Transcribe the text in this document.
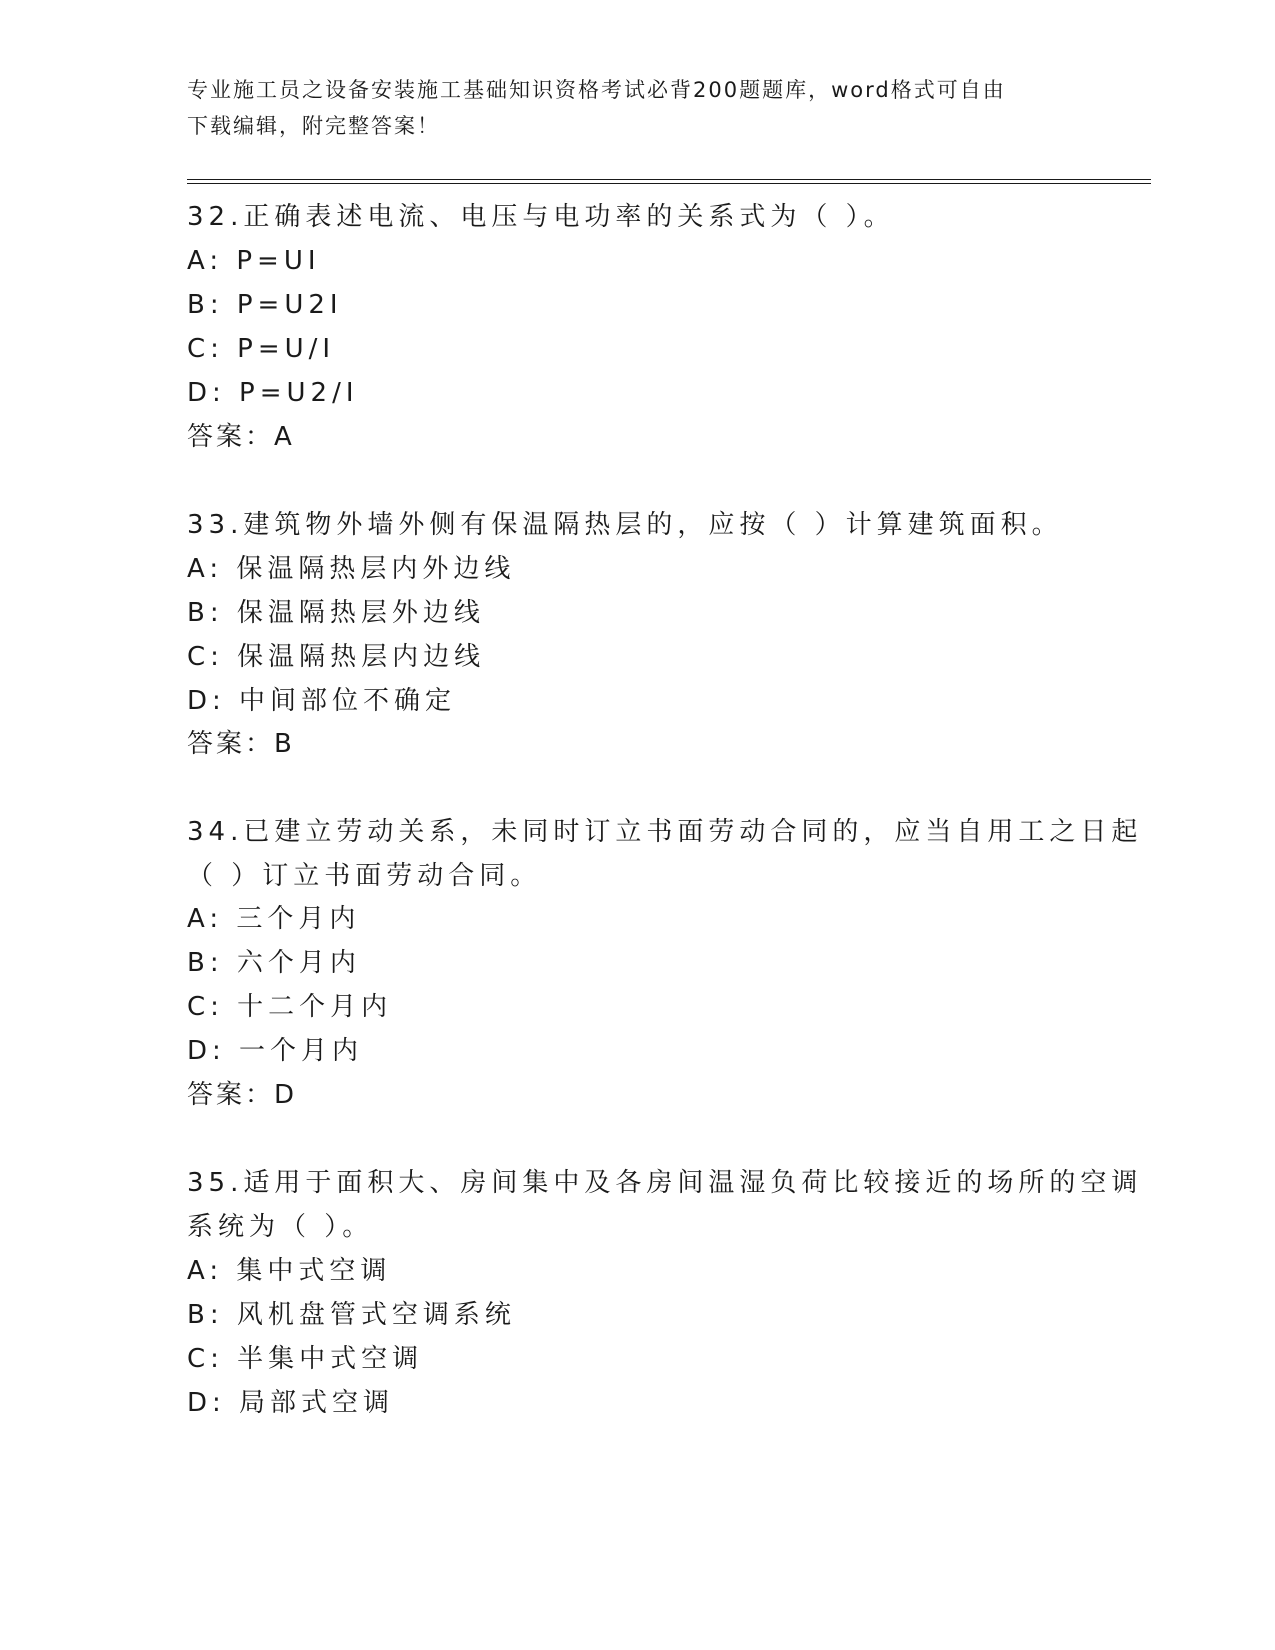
专业施工员之设备安装施工基础知识资格考试必背200题题库，word格式可自由
下载编辑，附完整答案！
32.正确表述电流、电压与电功率的关系式为（ ）。
A: P=UI
B: P=U2I
C: P=U/I
D: P=U2/I
答案：A
33.建筑物外墙外侧有保温隔热层的，应按（ ）计算建筑面积。
A: 保温隔热层内外边线
B: 保温隔热层外边线
C: 保温隔热层内边线
D: 中间部位不确定
答案：B
34.已建立劳动关系，未同时订立书面劳动合同的，应当自用工之日起
（ ）订立书面劳动合同。
A: 三个月内
B: 六个月内
C: 十二个月内
D: 一个月内
答案：D
35.适用于面积大、房间集中及各房间温湿负荷比较接近的场所的空调
系统为（ ）。
A: 集中式空调
B: 风机盘管式空调系统
C: 半集中式空调
D: 局部式空调
